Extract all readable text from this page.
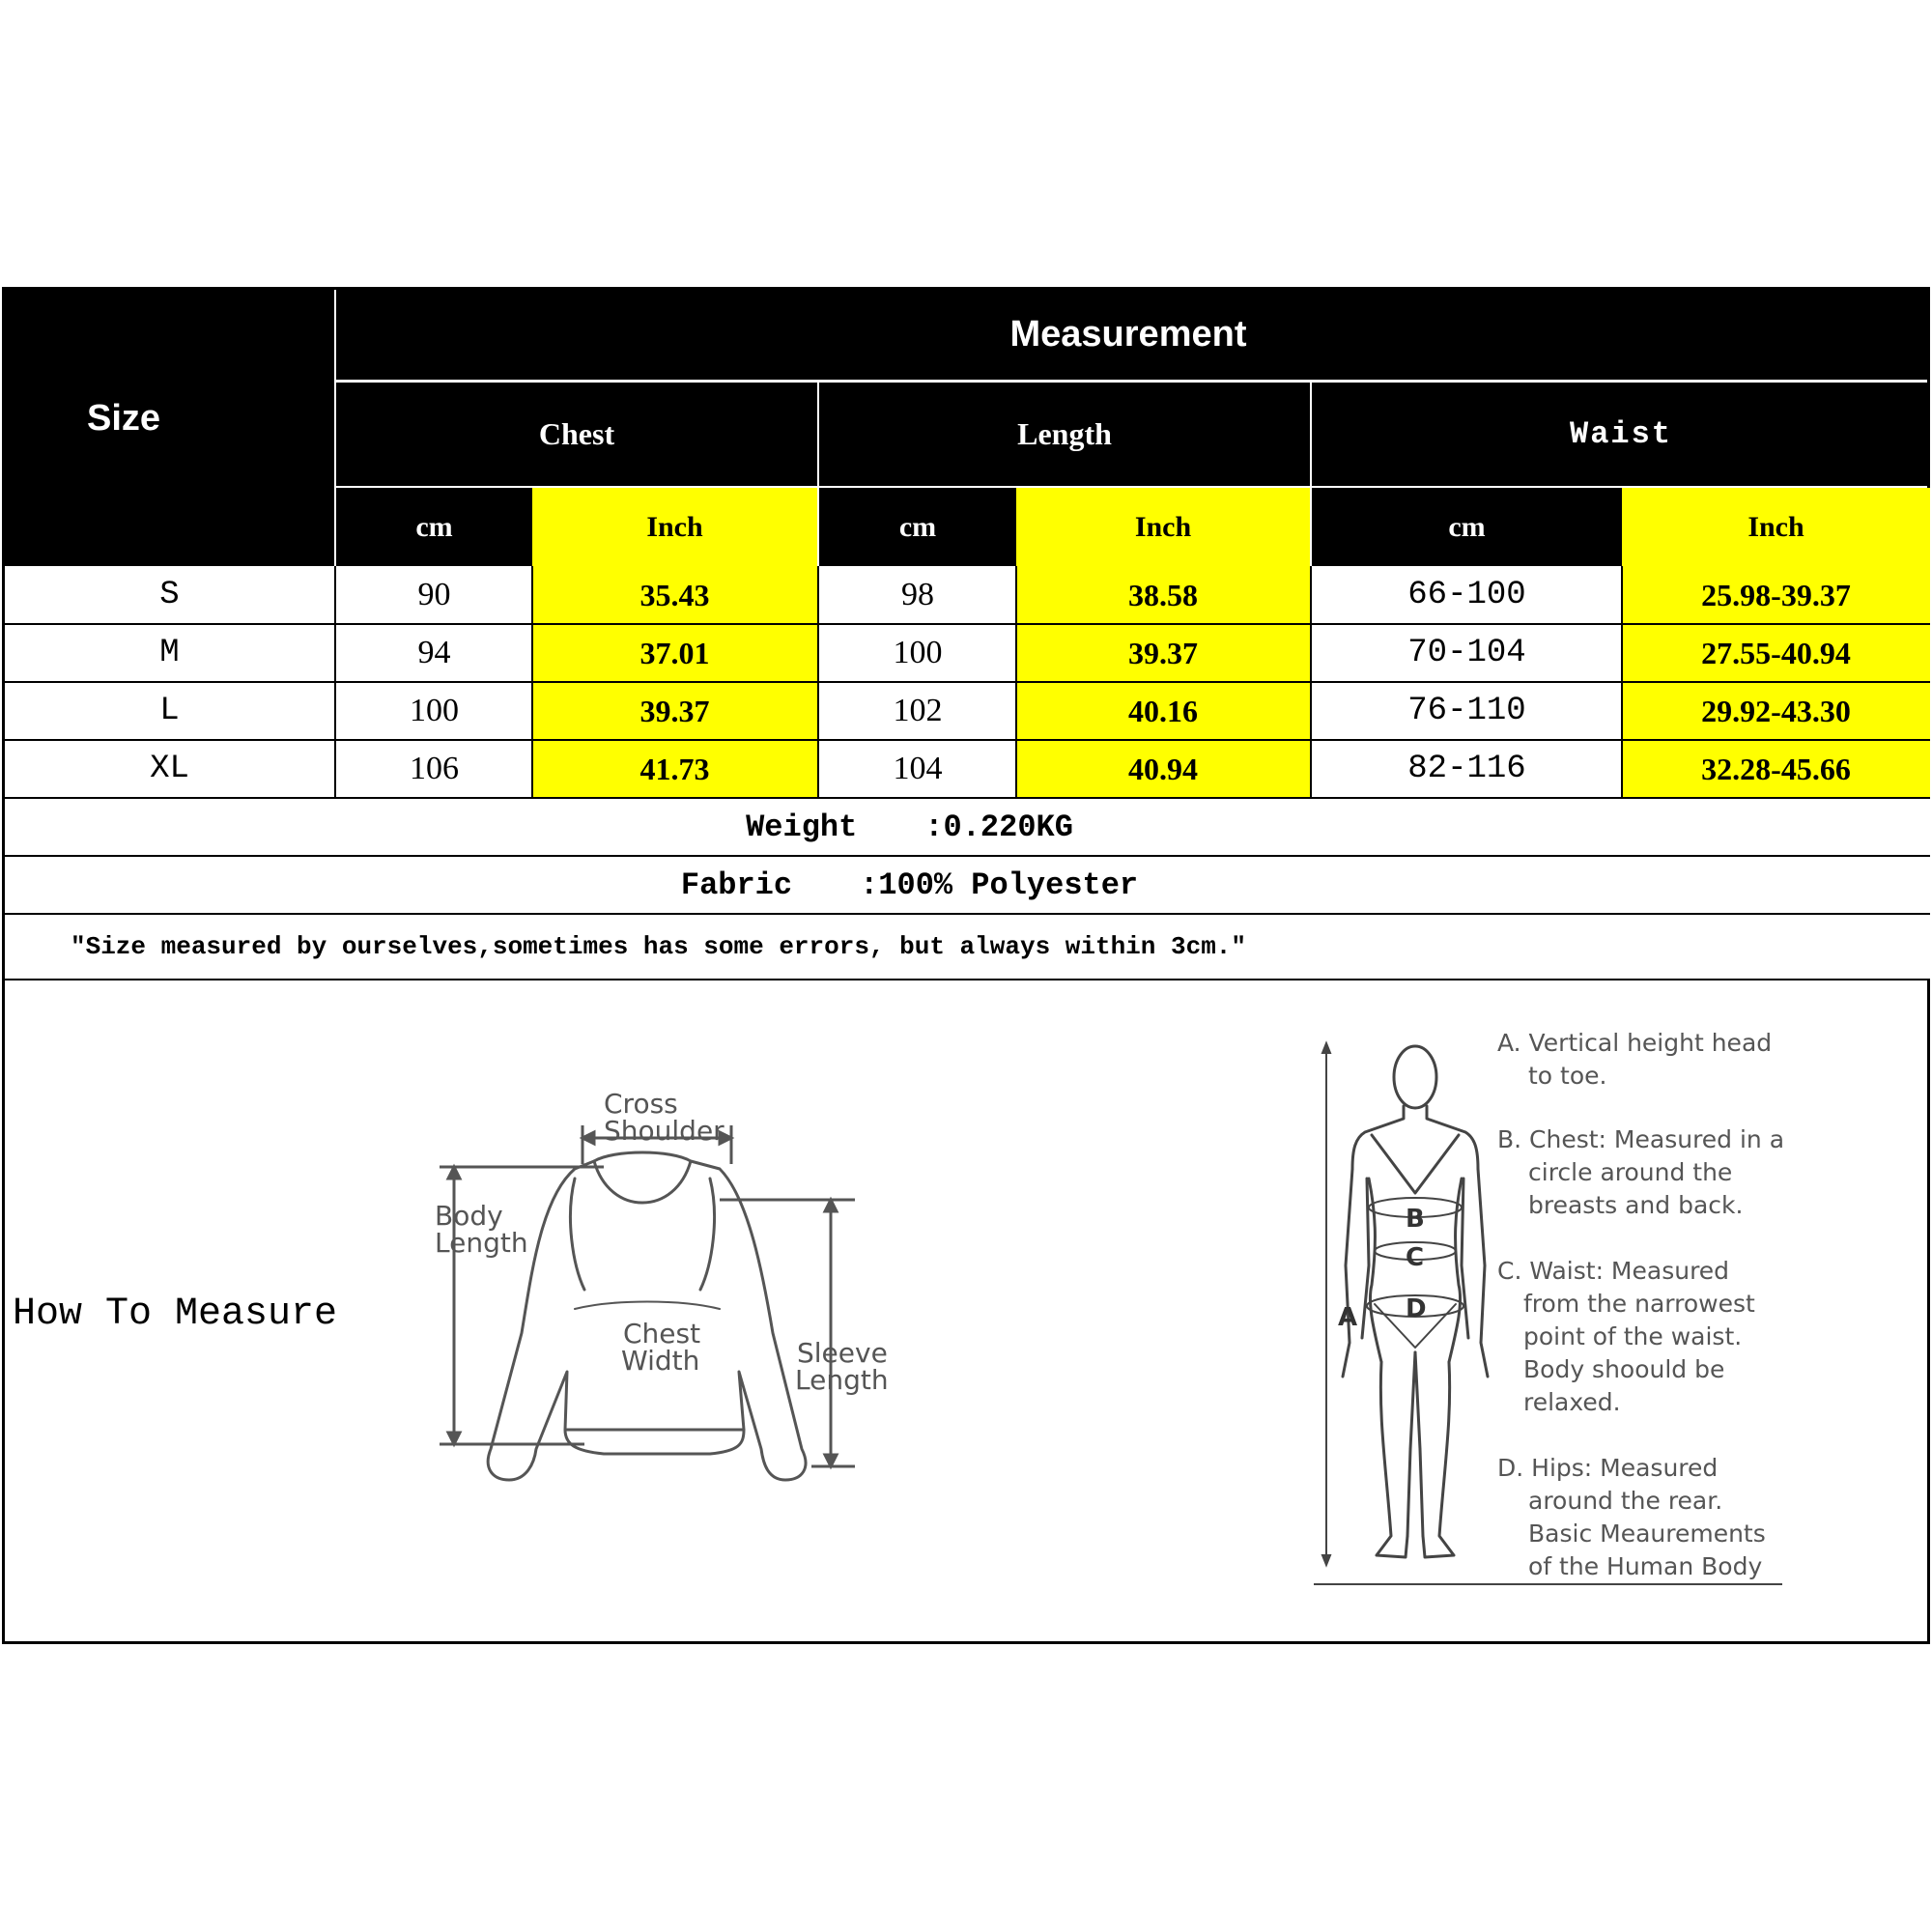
Size
Measurement
Chest	Length	Waist
cm	Inch	cm	Inch	cm	Inch
S	90	35.43	98	38.58	66-100	25.98-39.37
M	94	37.01	100	39.37	70-104	27.55-40.94
L	100	39.37	102	40.16	76-110	29.92-43.30
XL	106	41.73	104	40.94	82-116	32.28-45.66
Weight :0.220KG
Fabric :100% Polyester
"Size measured by ourselves,sometimes has some errors, but always within 3cm."
How To Measure
Cross
Shoulder
Body
Length
Chest
Width	Sleeve
Length
A
B
C
D
A. Vertical height head
to toe.
B. Chest: Measured in a
circle around the
breasts and back.
C. Waist: Measured
from the narrowest
point of the waist.
Body shoould be
relaxed.
D. Hips: Measured
around the rear.
Basic Meaurements
of the Human Body
